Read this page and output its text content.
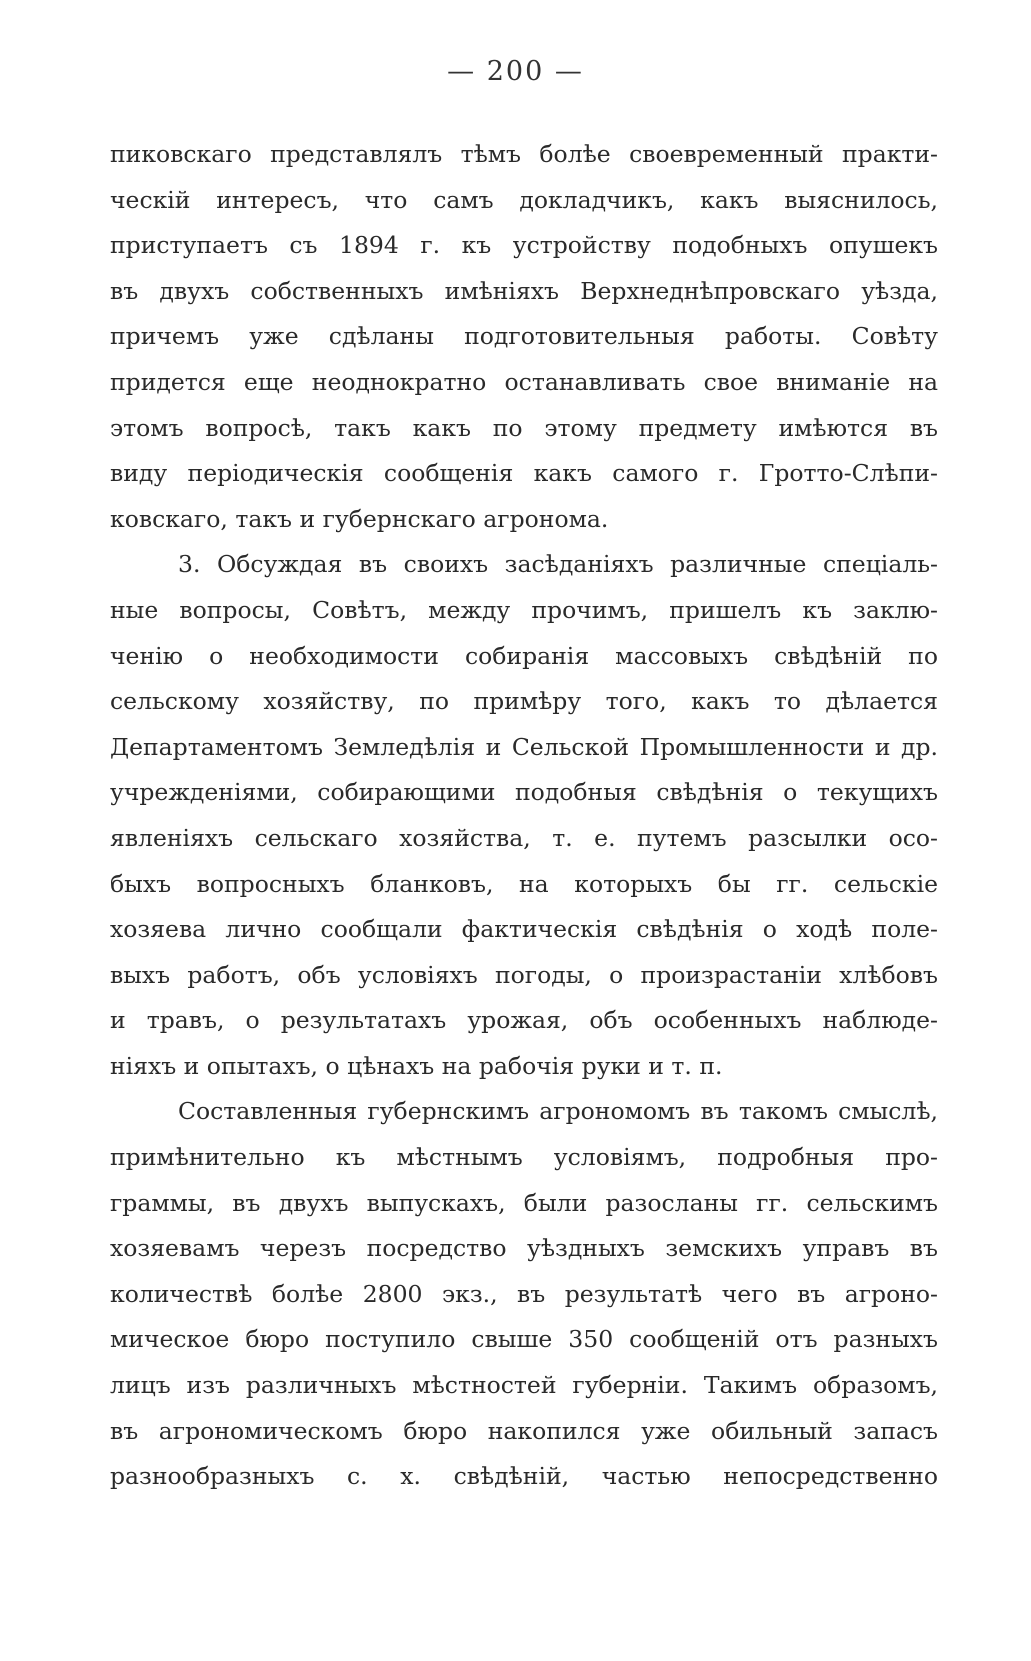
— 200 —
пиковскаго представлялъ тѣмъ болѣе своевременный практи-
ческій интересъ, что самъ докладчикъ, какъ выяснилось,
приступаетъ съ 1894 г. къ устройству подобныхъ опушекъ
въ двухъ собственныхъ имѣніяхъ Верхнеднѣпровскаго уѣзда,
причемъ уже сдѣланы подготовительныя работы. Совѣту
придется еще неоднократно останавливать свое вниманіе на
этомъ вопросѣ, такъ какъ по этому предмету имѣются въ
виду періодическія сообщенія какъ самого г. Гротто-Слѣпи-
ковскаго, такъ и губернскаго агронома.
3. Обсуждая въ своихъ засѣданіяхъ различные спеціаль-
ные вопросы, Совѣтъ, между прочимъ, пришелъ къ заклю-
ченію о необходимости собиранія массовыхъ свѣдѣній по
сельскому хозяйству, по примѣру того, какъ то дѣлается
Департаментомъ Земледѣлія и Сельской Промышленности и др.
учрежденіями, собирающими подобныя свѣдѣнія о текущихъ
явленіяхъ сельскаго хозяйства, т. е. путемъ разсылки осо-
быхъ вопросныхъ бланковъ, на которыхъ бы гг. сельскіе
хозяева лично сообщали фактическія свѣдѣнія о ходѣ поле-
выхъ работъ, объ условіяхъ погоды, о произрастаніи хлѣбовъ
и травъ, о результатахъ урожая, объ особенныхъ наблюде-
ніяхъ и опытахъ, о цѣнахъ на рабочія руки и т. п.
Составленныя губернскимъ агрономомъ въ такомъ смыслѣ,
примѣнительно къ мѣстнымъ условіямъ, подробныя про-
граммы, въ двухъ выпускахъ, были разосланы гг. сельскимъ
хозяевамъ черезъ посредство уѣздныхъ земскихъ управъ въ
количествѣ болѣе 2800 экз., въ результатѣ чего въ агроно-
мическое бюро поступило свыше 350 сообщеній отъ разныхъ
лицъ изъ различныхъ мѣстностей губерніи. Такимъ образомъ,
въ агрономическомъ бюро накопился уже обильный запасъ
разнообразныхъ с. х. свѣдѣній, частью непосредственно
